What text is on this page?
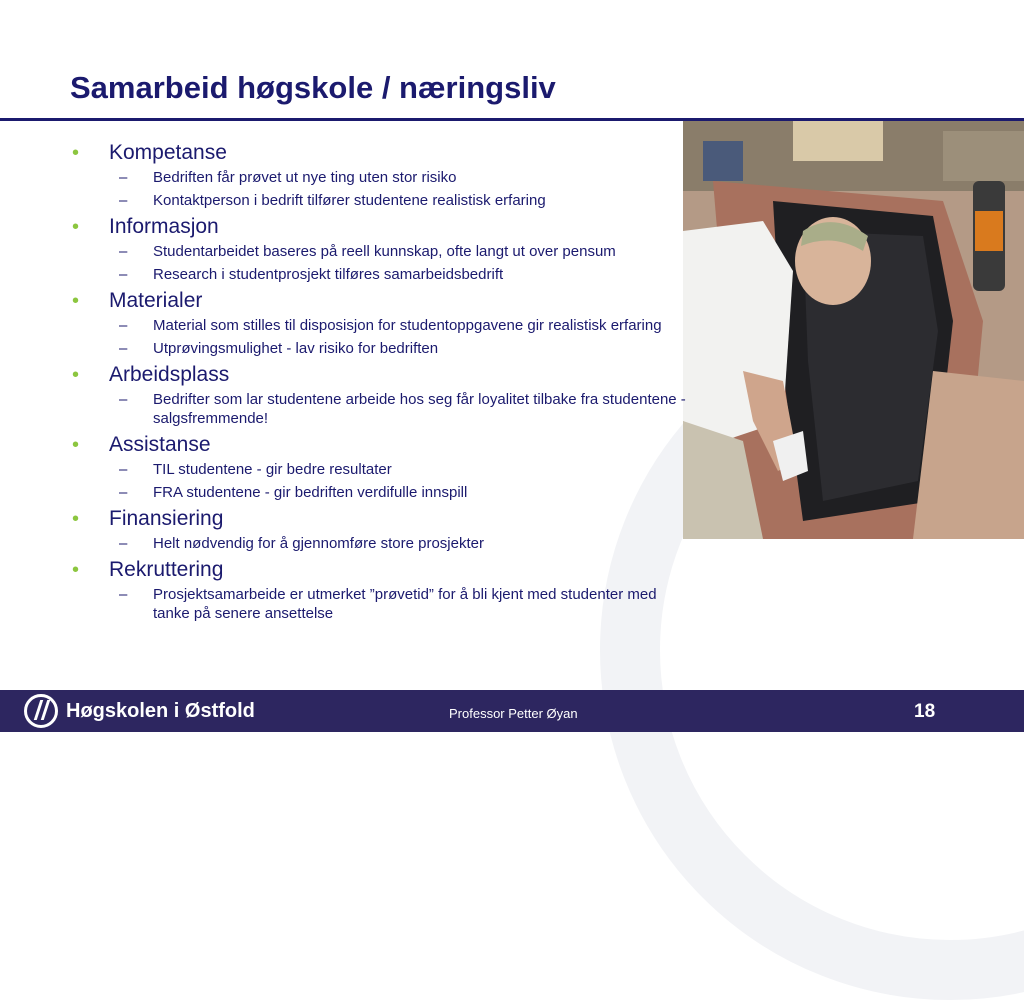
Samarbeid høgskole / næringsliv
• Kompetanse
– Bedriften får prøvet ut nye ting uten stor risiko
– Kontaktperson i bedrift tilfører studentene realistisk erfaring
• Informasjon
– Studentarbeidet baseres på reell kunnskap, ofte langt ut over pensum
– Research i studentprosjekt tilføres samarbeidsbedrift
• Materialer
– Material som stilles til disposisjon for studentoppgavene gir realistisk erfaring
– Utprøvingsmulighet - lav risiko for bedriften
• Arbeidsplass
– Bedrifter som lar studentene arbeide hos seg får loyalitet tilbake fra studentene - salgsfremmende!
• Assistanse
– TIL studentene - gir bedre resultater
– FRA studentene - gir bedriften verdifulle innspill
• Finansiering
– Helt nødvendig for å gjennomføre store prosjekter
• Rekruttering
– Prosjektsamarbeide er utmerket ”prøvetid” for å bli kjent med studenter med tanke på senere ansettelse
Høgskolen i Østfold	Professor Petter Øyan	18
